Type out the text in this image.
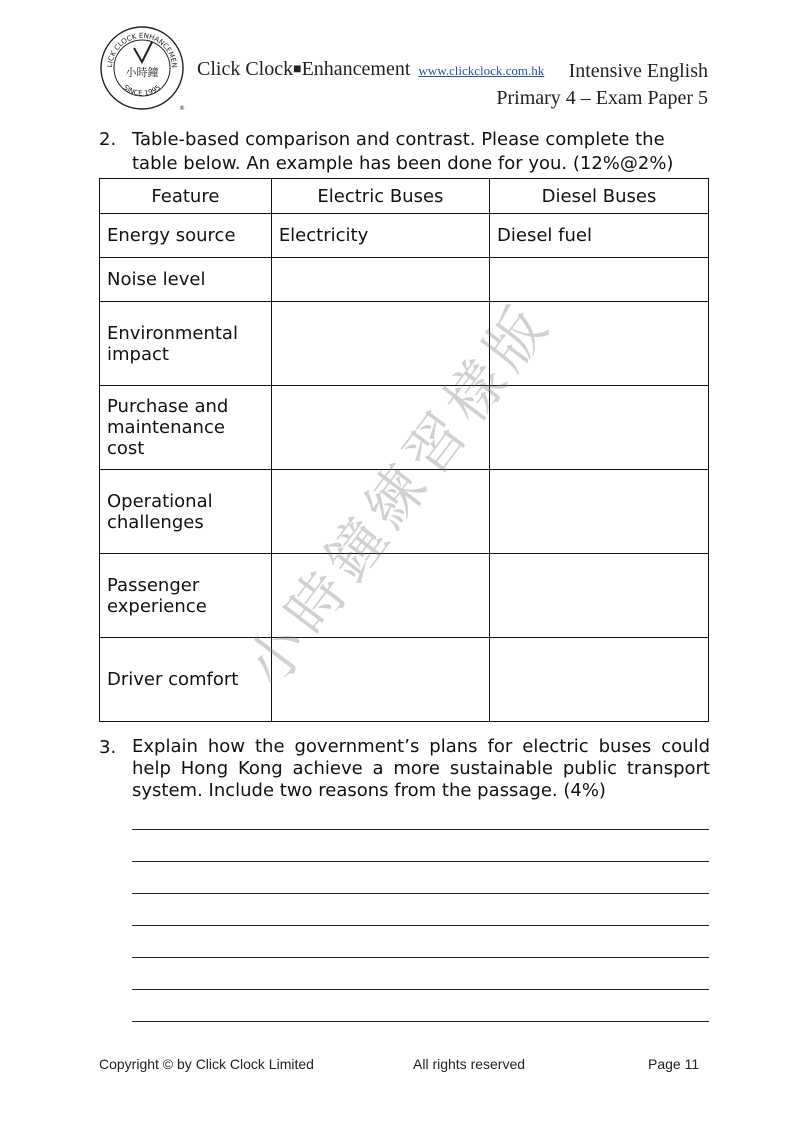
LICK CLOCK ENHANCEMEN
SINCE 1995
小時鐘
®
Click Clock■Enhancement www.clickclock.com.hk	Intensive English
Primary 4 – Exam Paper 5
2. Table-based comparison and contrast. Please complete the table below. An example has been done for you. (12%@2%)
Feature	Electric Buses	Diesel Buses
Energy source	Electricity	Diesel fuel
Noise level		
Environmental impact		
Purchase and maintenance cost		
Operational challenges		
Passenger experience		
Driver comfort		
3. Explain how the government’s plans for electric buses could help Hong Kong achieve a more sustainable public transport system. Include two reasons from the passage. (4%)
小時鐘練習樣版
Copyright © by Click Clock Limited	All rights reserved	Page 11
